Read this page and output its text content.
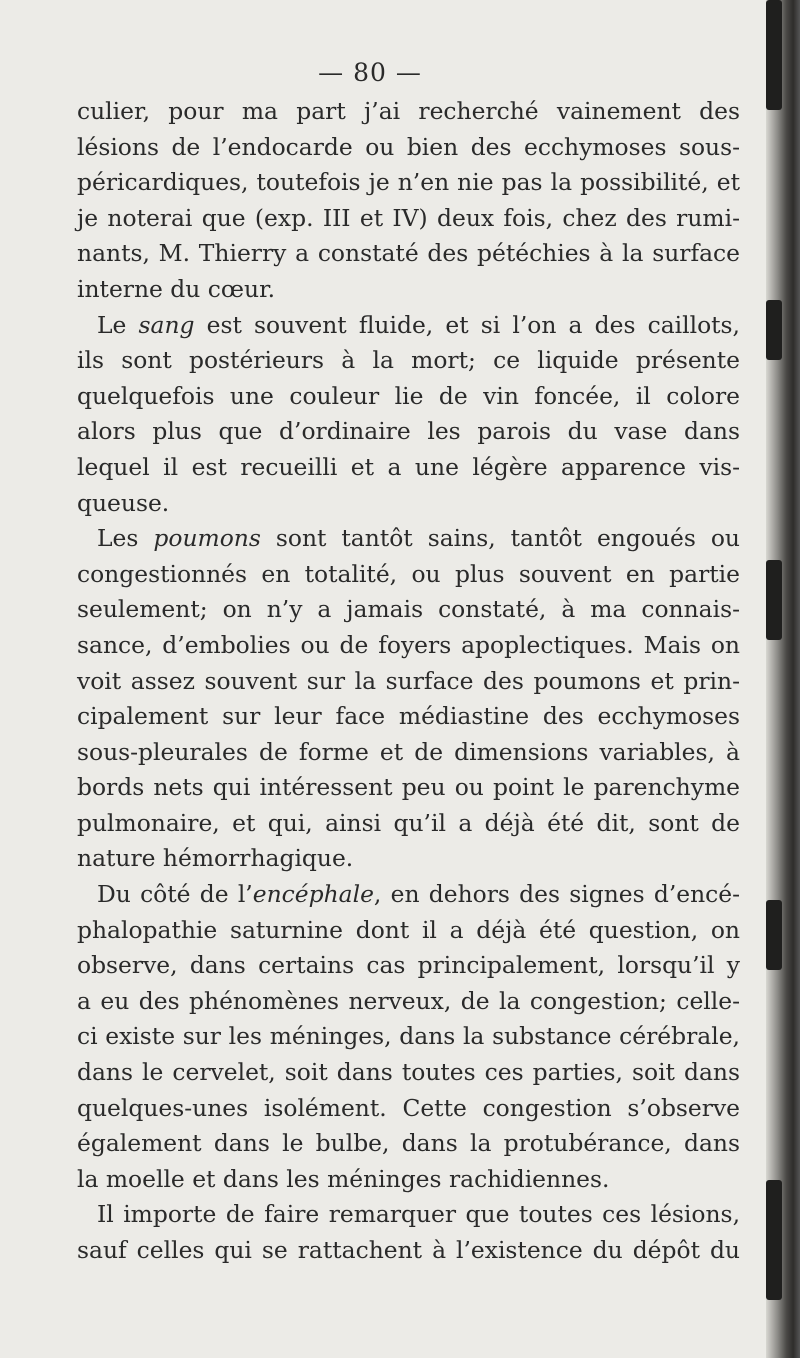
— 80 —
culier, pour ma part j’ai recherché vainement des
lésions de l’endocarde ou bien des ecchymoses sous-
péricardiques, toutefois je n’en nie pas la possibilité, et
je noterai que (exp. III et IV) deux fois, chez des rumi-
nants, M. Thierry a constaté des pétéchies à la surface
interne du cœur.
Le sang est souvent fluide, et si l’on a des caillots,
ils sont postérieurs à la mort; ce liquide présente
quelquefois une couleur lie de vin foncée, il colore
alors plus que d’ordinaire les parois du vase dans
lequel il est recueilli et a une légère apparence vis-
queuse.
Les poumons sont tantôt sains, tantôt engoués ou
congestionnés en totalité, ou plus souvent en partie
seulement; on n’y a jamais constaté, à ma connais-
sance, d’embolies ou de foyers apoplectiques. Mais on
voit assez souvent sur la surface des poumons et prin-
cipalement sur leur face médiastine des ecchymoses
sous-pleurales de forme et de dimensions variables, à
bords nets qui intéressent peu ou point le parenchyme
pulmonaire, et qui, ainsi qu’il a déjà été dit, sont de
nature hémorrhagique.
Du côté de l’encéphale, en dehors des signes d’encé-
phalopathie saturnine dont il a déjà été question, on
observe, dans certains cas principalement, lorsqu’il y
a eu des phénomènes nerveux, de la congestion; celle-
ci existe sur les méninges, dans la substance cérébrale,
dans le cervelet, soit dans toutes ces parties, soit dans
quelques-unes isolément. Cette congestion s’observe
également dans le bulbe, dans la protubérance, dans
la moelle et dans les méninges rachidiennes.
Il importe de faire remarquer que toutes ces lésions,
sauf celles qui se rattachent à l’existence du dépôt du
